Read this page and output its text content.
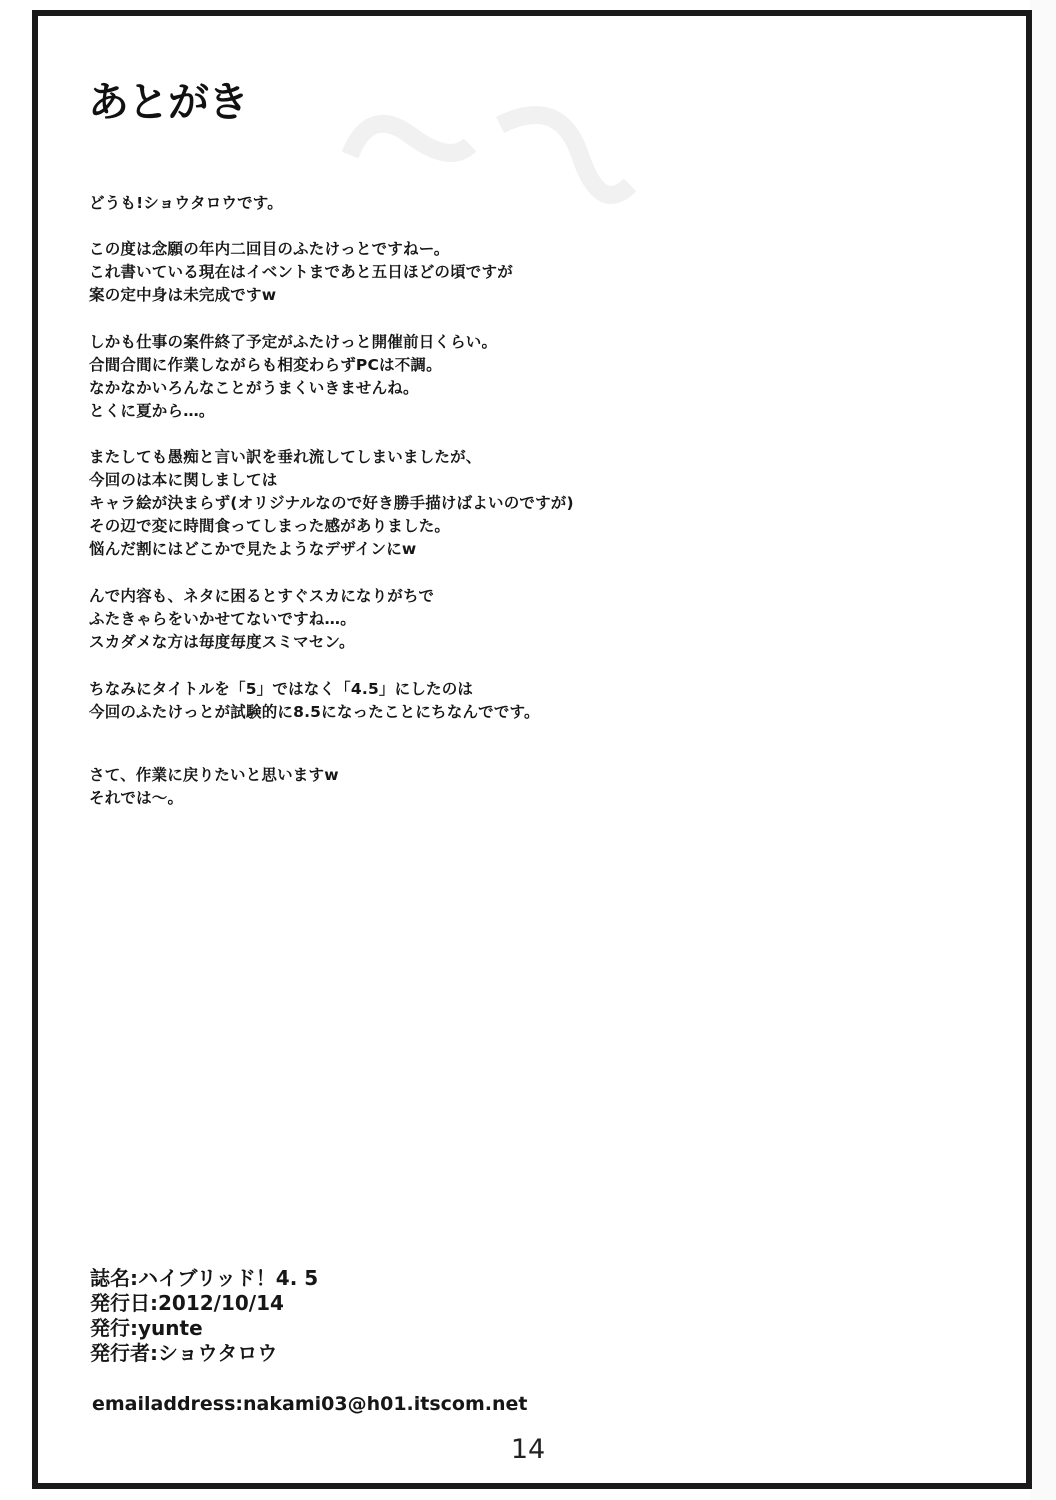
あとがき
どうも!ショウタロウです。
この度は念願の年内二回目のふたけっとですねー。
これ書いている現在はイベントまであと五日ほどの頃ですが
案の定中身は未完成ですw
しかも仕事の案件終了予定がふたけっと開催前日くらい。
合間合間に作業しながらも相変わらずPCは不調。
なかなかいろんなことがうまくいきませんね。
とくに夏から…。
またしても愚痴と言い訳を垂れ流してしまいましたが、
今回のは本に関しましては
キャラ絵が決まらず(オリジナルなので好き勝手描けばよいのですが)
その辺で変に時間食ってしまった感がありました。
悩んだ割にはどこかで見たようなデザインにw
んで内容も、ネタに困るとすぐスカになりがちで
ふたきゃらをいかせてないですね…。
スカダメな方は毎度毎度スミマセン。
ちなみにタイトルを「5」ではなく「4.5」にしたのは
今回のふたけっとが試験的に8.5になったことにちなんでです。
さて、作業に戻りたいと思いますw
それでは～。
誌名:ハイブリッド！4. 5
発行日:2012/10/14
発行:yunte
発行者:ショウタロウ
emailaddress:nakami03@h01.itscom.net
14
